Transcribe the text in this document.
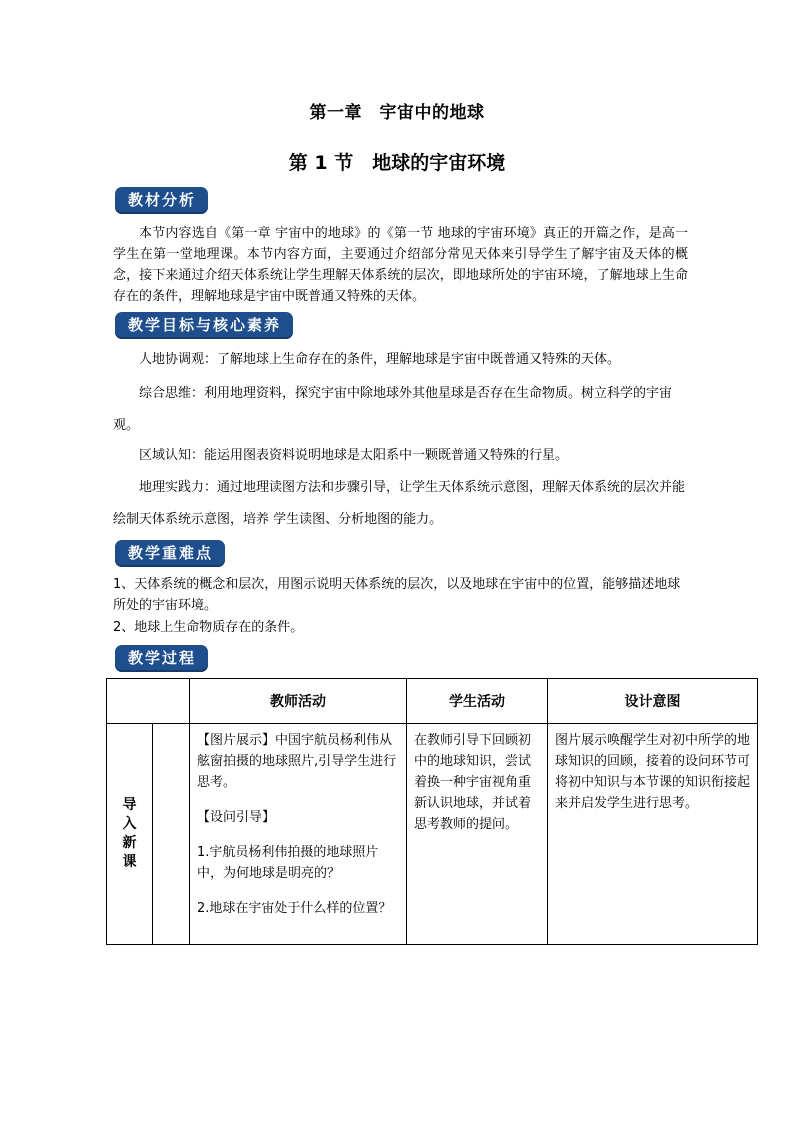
第一章　宇宙中的地球
第 1 节　地球的宇宙环境
教材分析
本节内容选自《第一章 宇宙中的地球》的《第一节 地球的宇宙环境》真正的开篇之作，是高一学生在第一堂地理课。本节内容方面，主要通过介绍部分常见天体来引导学生了解宇宙及天体的概念，接下来通过介绍天体系统让学生理解天体系统的层次，即地球所处的宇宙环境，了解地球上生命存在的条件，理解地球是宇宙中既普通又特殊的天体。
教学目标与核心素养
人地协调观：了解地球上生命存在的条件，理解地球是宇宙中既普通又特殊的天体。
综合思维：利用地理资料，探究宇宙中除地球外其他星球是否存在生命物质。树立科学的宇宙观。
区域认知：能运用图表资料说明地球是太阳系中一颗既普通又特殊的行星。
地理实践力：通过地理读图方法和步骤引导，让学生天体系统示意图，理解天体系统的层次并能绘制天体系统示意图，培养 学生读图、分析地图的能力。
教学重难点
1、天体系统的概念和层次，用图示说明天体系统的层次，以及地球在宇宙中的位置，能够描述地球所处的宇宙环境。
2、地球上生命物质存在的条件。
教学过程
		教师活动	学生活动	设计意图
导入新课		【图片展示】中国宇航员杨利伟从舷窗拍摄的地球照片,引导学生进行思考。

【设问引导】

1.宇航员杨利伟拍摄的地球照片中，为何地球是明亮的？

2.地球在宇宙处于什么样的位置？	在教师引导下回顾初中的地球知识，尝试着换一种宇宙视角重新认识地球，并试着思考教师的提问。	图片展示唤醒学生对初中所学的地球知识的回顾，接着的设问环节可将初中知识与本节课的知识衔接起来并启发学生进行思考。
